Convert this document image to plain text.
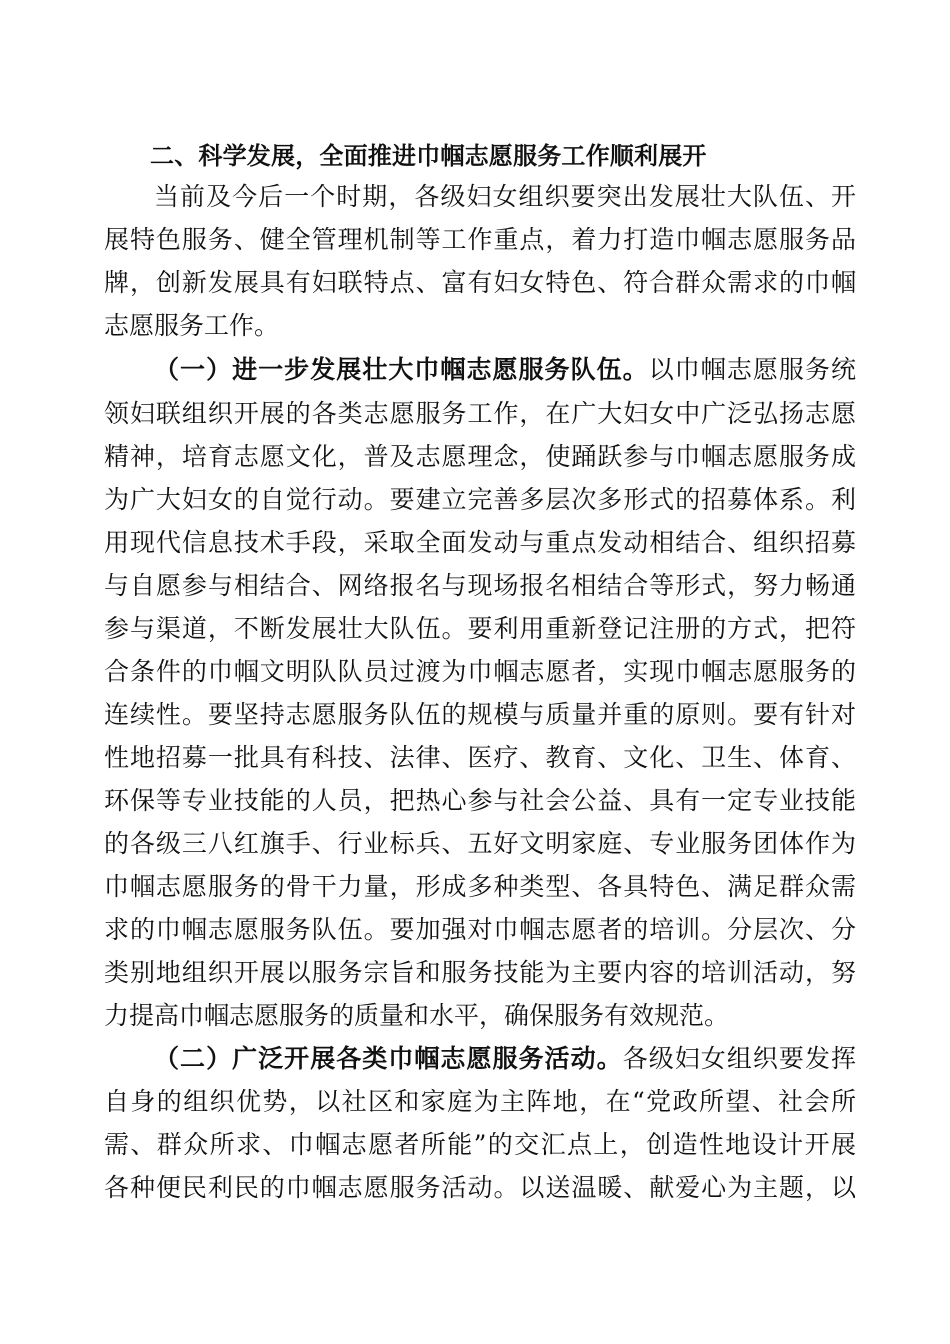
二、科学发展，全面推进巾帼志愿服务工作顺利展开
当前及今后一个时期，各级妇女组织要突出发展壮大队伍、开
展特色服务、健全管理机制等工作重点，着力打造巾帼志愿服务品
牌，创新发展具有妇联特点、富有妇女特色、符合群众需求的巾帼
志愿服务工作。
（一）进一步发展壮大巾帼志愿服务队伍。以巾帼志愿服务统
领妇联组织开展的各类志愿服务工作，在广大妇女中广泛弘扬志愿
精神，培育志愿文化，普及志愿理念，使踊跃参与巾帼志愿服务成
为广大妇女的自觉行动。要建立完善多层次多形式的招募体系。利
用现代信息技术手段，采取全面发动与重点发动相结合、组织招募
与自愿参与相结合、网络报名与现场报名相结合等形式，努力畅通
参与渠道，不断发展壮大队伍。要利用重新登记注册的方式，把符
合条件的巾帼文明队队员过渡为巾帼志愿者，实现巾帼志愿服务的
连续性。要坚持志愿服务队伍的规模与质量并重的原则。要有针对
性地招募一批具有科技、法律、医疗、教育、文化、卫生、体育、
环保等专业技能的人员，把热心参与社会公益、具有一定专业技能
的各级三八红旗手、行业标兵、五好文明家庭、专业服务团体作为
巾帼志愿服务的骨干力量，形成多种类型、各具特色、满足群众需
求的巾帼志愿服务队伍。要加强对巾帼志愿者的培训。分层次、分
类别地组织开展以服务宗旨和服务技能为主要内容的培训活动，努
力提高巾帼志愿服务的质量和水平，确保服务有效规范。
（二）广泛开展各类巾帼志愿服务活动。各级妇女组织要发挥
自身的组织优势，以社区和家庭为主阵地，在“党政所望、社会所
需、群众所求、巾帼志愿者所能”的交汇点上，创造性地设计开展
各种便民利民的巾帼志愿服务活动。以送温暖、献爱心为主题，以
